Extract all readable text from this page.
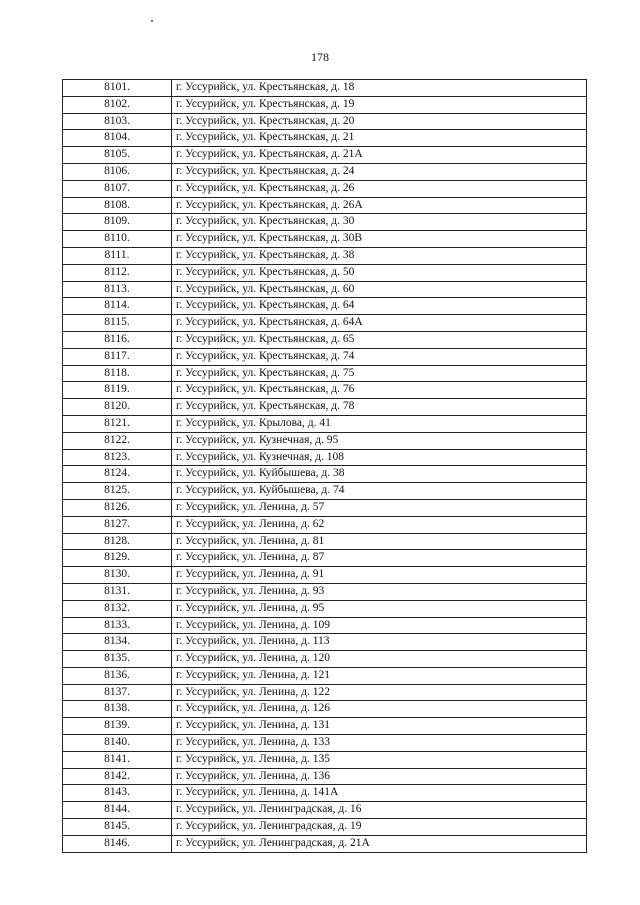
178
8101.	г. Уссурийск, ул. Крестьянская, д. 18
8102.	г. Уссурийск, ул. Крестьянская, д. 19
8103.	г. Уссурийск, ул. Крестьянская, д. 20
8104.	г. Уссурийск, ул. Крестьянская, д. 21
8105.	г. Уссурийск, ул. Крестьянская, д. 21А
8106.	г. Уссурийск, ул. Крестьянская, д. 24
8107.	г. Уссурийск, ул. Крестьянская, д. 26
8108.	г. Уссурийск, ул. Крестьянская, д. 26А
8109.	г. Уссурийск, ул. Крестьянская, д. 30
8110.	г. Уссурийск, ул. Крестьянская, д. 30В
8111.	г. Уссурийск, ул. Крестьянская, д. 38
8112.	г. Уссурийск, ул. Крестьянская, д. 50
8113.	г. Уссурийск, ул. Крестьянская, д. 60
8114.	г. Уссурийск, ул. Крестьянская, д. 64
8115.	г. Уссурийск, ул. Крестьянская, д. 64А
8116.	г. Уссурийск, ул. Крестьянская, д. 65
8117.	г. Уссурийск, ул. Крестьянская, д. 74
8118.	г. Уссурийск, ул. Крестьянская, д. 75
8119.	г. Уссурийск, ул. Крестьянская, д. 76
8120.	г. Уссурийск, ул. Крестьянская, д. 78
8121.	г. Уссурийск, ул. Крылова, д. 41
8122.	г. Уссурийск, ул. Кузнечная, д. 95
8123.	г. Уссурийск, ул. Кузнечная, д. 108
8124.	г. Уссурийск, ул. Куйбышева, д. 38
8125.	г. Уссурийск, ул. Куйбышева, д. 74
8126.	г. Уссурийск, ул. Ленина, д. 57
8127.	г. Уссурийск, ул. Ленина, д. 62
8128.	г. Уссурийск, ул. Ленина, д. 81
8129.	г. Уссурийск, ул. Ленина, д. 87
8130.	г. Уссурийск, ул. Ленина, д. 91
8131.	г. Уссурийск, ул. Ленина, д. 93
8132.	г. Уссурийск, ул. Ленина, д. 95
8133.	г. Уссурийск, ул. Ленина, д. 109
8134.	г. Уссурийск, ул. Ленина, д. 113
8135.	г. Уссурийск, ул. Ленина, д. 120
8136.	г. Уссурийск, ул. Ленина, д. 121
8137.	г. Уссурийск, ул. Ленина, д. 122
8138.	г. Уссурийск, ул. Ленина, д. 126
8139.	г. Уссурийск, ул. Ленина, д. 131
8140.	г. Уссурийск, ул. Ленина, д. 133
8141.	г. Уссурийск, ул. Ленина, д. 135
8142.	г. Уссурийск, ул. Ленина, д. 136
8143.	г. Уссурийск, ул. Ленина, д. 141А
8144.	г. Уссурийск, ул. Ленинградская, д. 16
8145.	г. Уссурийск, ул. Ленинградская, д. 19
8146.	г. Уссурийск, ул. Ленинградская, д. 21А
